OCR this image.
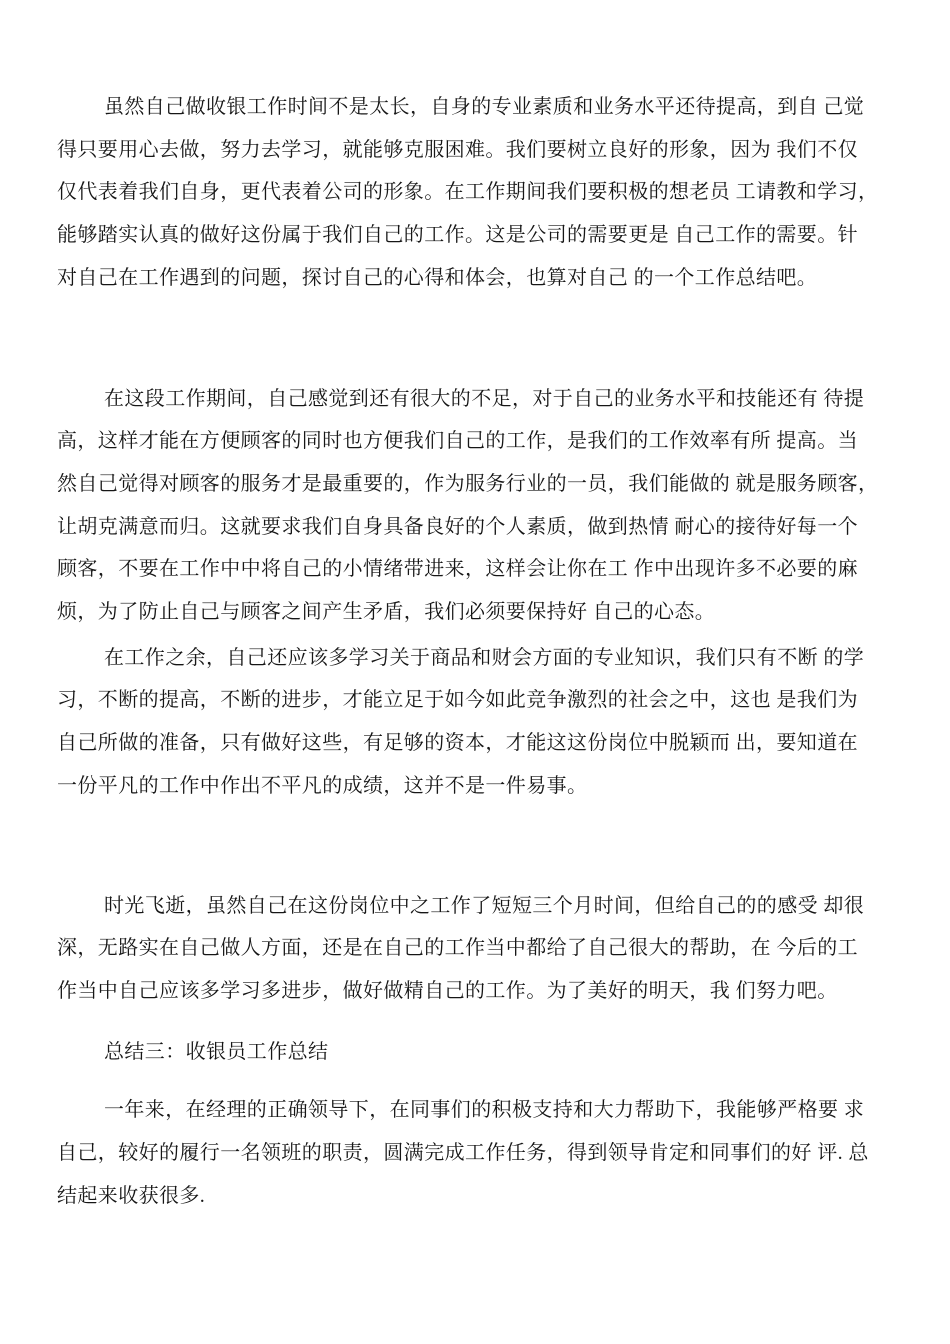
虽然自己做收银工作时间不是太长，自身的专业素质和业务水平还待提高，到自 己觉
得只要用心去做，努力去学习，就能够克服困难。我们要树立良好的形象，因为 我们不仅
仅代表着我们自身，更代表着公司的形象。在工作期间我们要积极的想老员 工请教和学习，
能够踏实认真的做好这份属于我们自己的工作。这是公司的需要更是 自己工作的需要。针
对自己在工作遇到的问题，探讨自己的心得和体会，也算对自己 的一个工作总结吧。
在这段工作期间，自己感觉到还有很大的不足，对于自己的业务水平和技能还有 待提
高，这样才能在方便顾客的同时也方便我们自己的工作，是我们的工作效率有所 提高。当
然自己觉得对顾客的服务才是最重要的，作为服务行业的一员，我们能做的 就是服务顾客，
让胡克满意而归。这就要求我们自身具备良好的个人素质，做到热情 耐心的接待好每一个
顾客，不要在工作中中将自己的小情绪带进来，这样会让你在工 作中出现许多不必要的麻
烦，为了防止自己与顾客之间产生矛盾，我们必须要保持好 自己的心态。
在工作之余，自己还应该多学习关于商品和财会方面的专业知识，我们只有不断 的学
习，不断的提高，不断的进步，才能立足于如今如此竞争激烈的社会之中，这也 是我们为
自己所做的准备，只有做好这些，有足够的资本，才能这这份岗位中脱颖而 出，要知道在
一份平凡的工作中作出不平凡的成绩，这并不是一件易事。
时光飞逝，虽然自己在这份岗位中之工作了短短三个月时间，但给自己的的感受 却很
深，无路实在自己做人方面，还是在自己的工作当中都给了自己很大的帮助，在 今后的工
作当中自己应该多学习多进步，做好做精自己的工作。为了美好的明天，我 们努力吧。
总结三：收银员工作总结
一年来，在经理的正确领导下，在同事们的积极支持和大力帮助下，我能够严格要 求
自己，较好的履行一名领班的职责，圆满完成工作任务，得到领导肯定和同事们的好 评. 总
结起来收获很多.
